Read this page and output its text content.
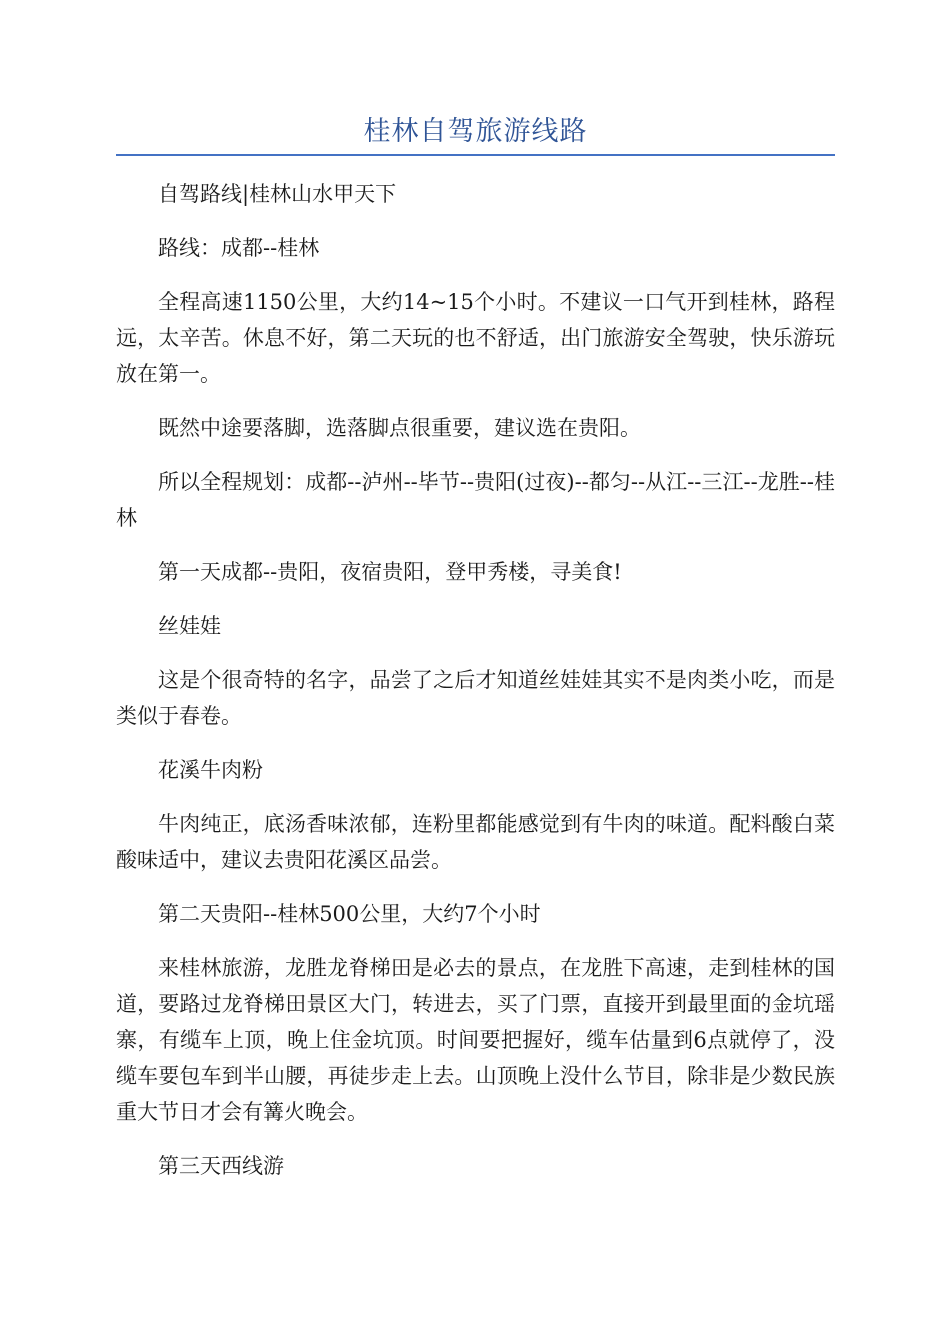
桂林自驾旅游线路

自驾路线|桂林山水甲天下

路线：成都--桂林

全程高速1150公里，大约14~15个小时。不建议一口气开到桂林，路程远，太辛苦。休息不好，第二天玩的也不舒适，出门旅游安全驾驶，快乐游玩放在第一。

既然中途要落脚，选落脚点很重要，建议选在贵阳。

所以全程规划：成都--泸州--毕节--贵阳(过夜)--都匀--从江--三江--龙胜--桂林

第一天成都--贵阳，夜宿贵阳，登甲秀楼，寻美食!

丝娃娃

这是个很奇特的名字，品尝了之后才知道丝娃娃其实不是肉类小吃，而是类似于春卷。

花溪牛肉粉

牛肉纯正，底汤香味浓郁，连粉里都能感觉到有牛肉的味道。配料酸白菜酸味适中，建议去贵阳花溪区品尝。

第二天贵阳--桂林500公里，大约7个小时

来桂林旅游，龙胜龙脊梯田是必去的景点，在龙胜下高速，走到桂林的国道，要路过龙脊梯田景区大门，转进去，买了门票，直接开到最里面的金坑瑶寨，有缆车上顶，晚上住金坑顶。时间要把握好，缆车估量到6点就停了，没缆车要包车到半山腰，再徒步走上去。山顶晚上没什么节目，除非是少数民族重大节日才会有篝火晚会。

第三天西线游
